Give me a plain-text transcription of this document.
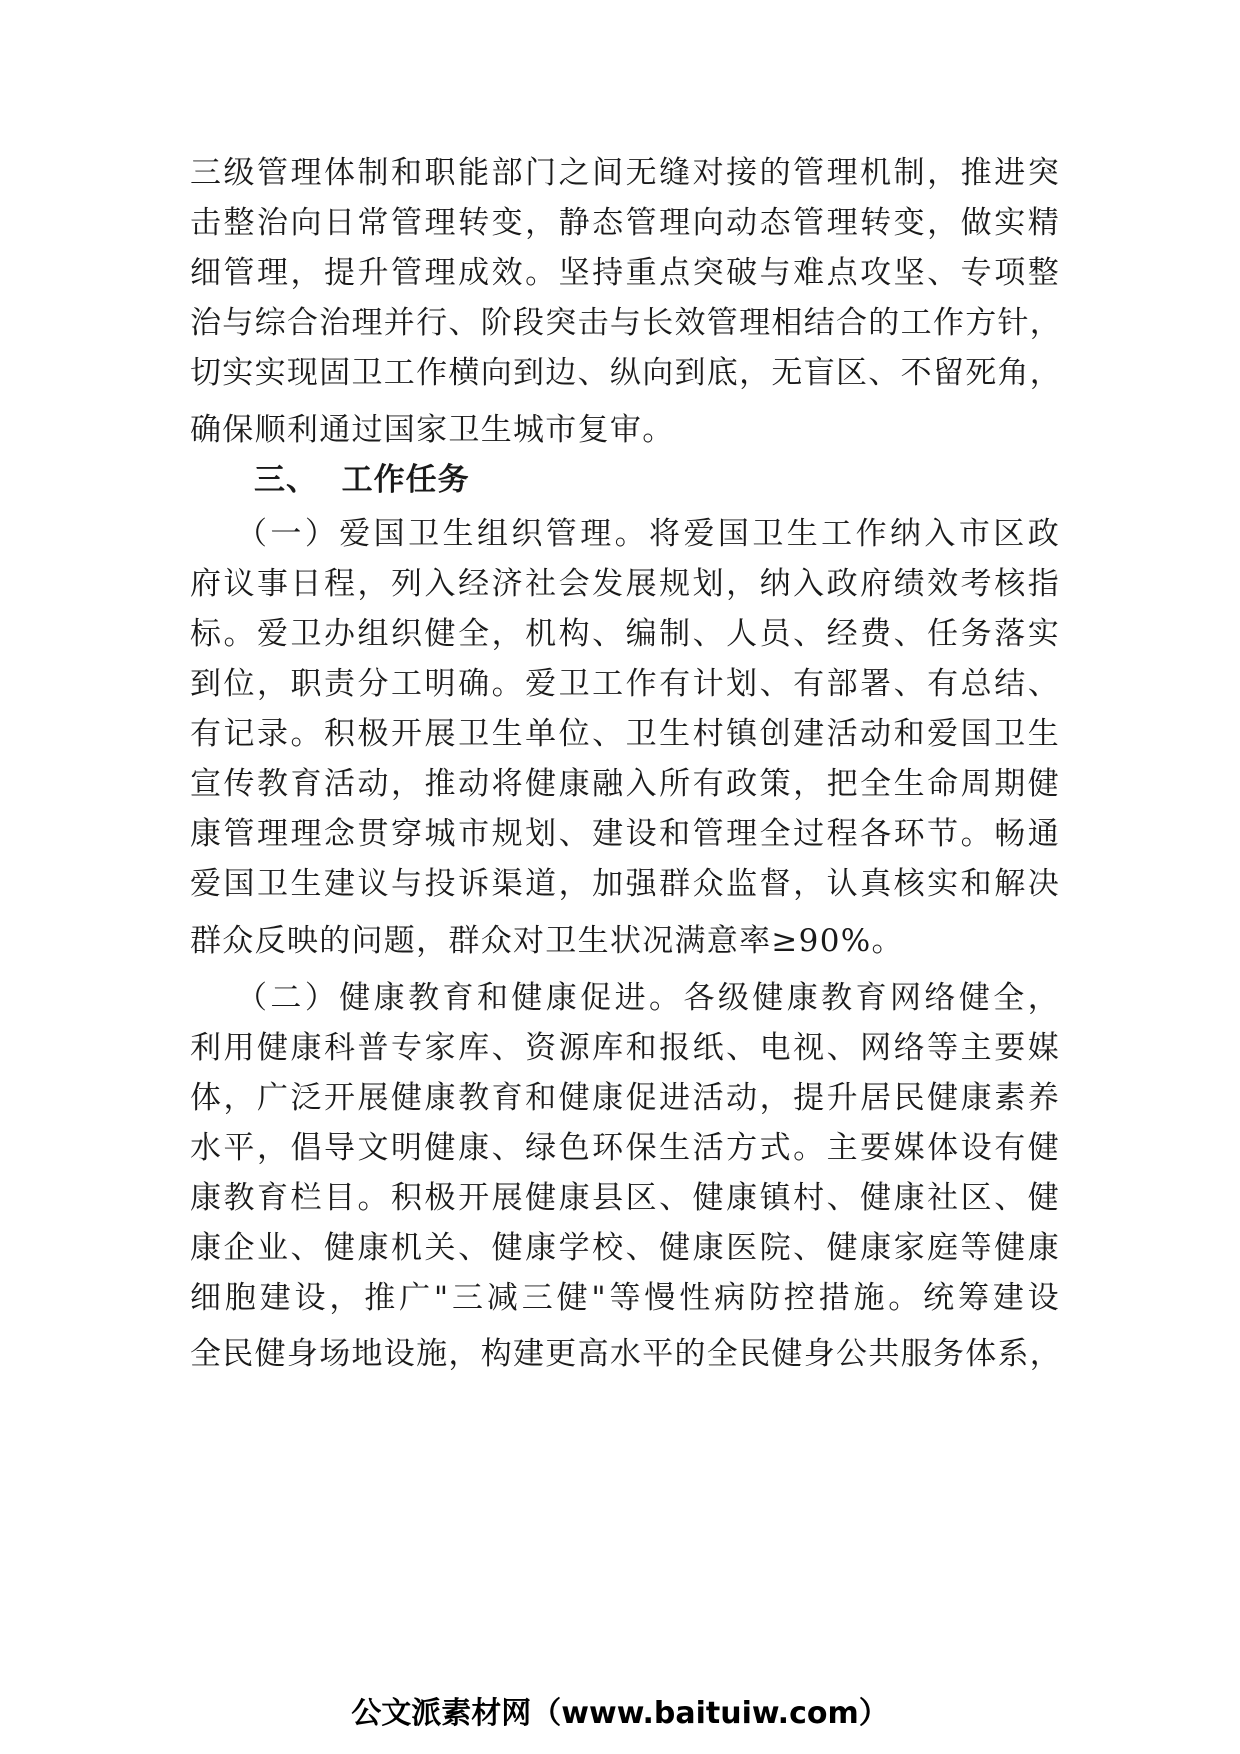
三级管理体制和职能部门之间无缝对接的管理机制，推进突
击整治向日常管理转变，静态管理向动态管理转变，做实精
细管理，提升管理成效。坚持重点突破与难点攻坚、专项整
治与综合治理并行、阶段突击与长效管理相结合的工作方针，
切实实现固卫工作横向到边、纵向到底，无盲区、不留死角，
确保顺利通过国家卫生城市复审。
三、  工作任务
（一）爱国卫生组织管理。将爱国卫生工作纳入市区政
府议事日程，列入经济社会发展规划，纳入政府绩效考核指
标。爱卫办组织健全，机构、编制、人员、经费、任务落实
到位，职责分工明确。爱卫工作有计划、有部署、有总结、
有记录。积极开展卫生单位、卫生村镇创建活动和爱国卫生
宣传教育活动，推动将健康融入所有政策，把全生命周期健
康管理理念贯穿城市规划、建设和管理全过程各环节。畅通
爱国卫生建议与投诉渠道，加强群众监督，认真核实和解决
群众反映的问题，群众对卫生状况满意率≥90%。
（二）健康教育和健康促进。各级健康教育网络健全，
利用健康科普专家库、资源库和报纸、电视、网络等主要媒
体，广泛开展健康教育和健康促进活动，提升居民健康素养
水平，倡导文明健康、绿色环保生活方式。主要媒体设有健
康教育栏目。积极开展健康县区、健康镇村、健康社区、健
康企业、健康机关、健康学校、健康医院、健康家庭等健康
细胞建设，推广"三减三健"等慢性病防控措施。统筹建设
全民健身场地设施，构建更高水平的全民健身公共服务体系，
公文派素材网（www.baituiw.com）
